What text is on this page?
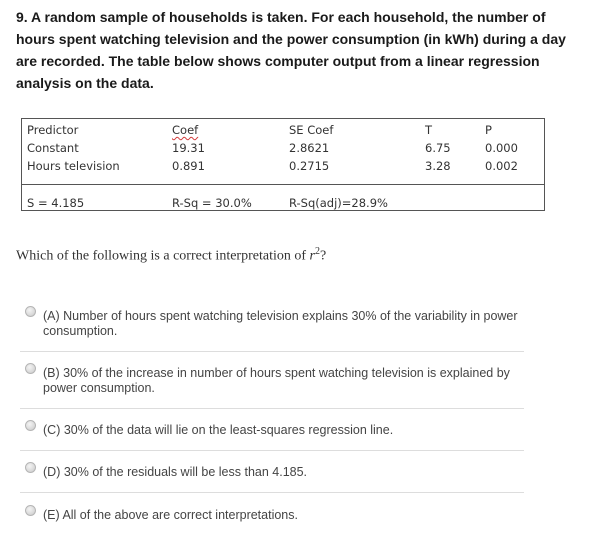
9. A random sample of households is taken. For each household, the number of hours spent watching television and the power consumption (in kWh) during a day are recorded. The table below shows computer output from a linear regression analysis on the data.
Predictor	Coef	SE Coef	T	P
Constant	19.31	2.8621	6.75	0.000
Hours television	0.891	0.2715	3.28	0.002
S = 4.185	R-Sq = 30.0%	R-Sq(adj)=28.9%
Which of the following is a correct interpretation of $r^2$?
(A) Number of hours spent watching television explains 30% of the variability in power consumption.
(B) 30% of the increase in number of hours spent watching television is explained by power consumption.
(C) 30% of the data will lie on the least-squares regression line.
(D) 30% of the residuals will be less than 4.185.
(E) All of the above are correct interpretations.
